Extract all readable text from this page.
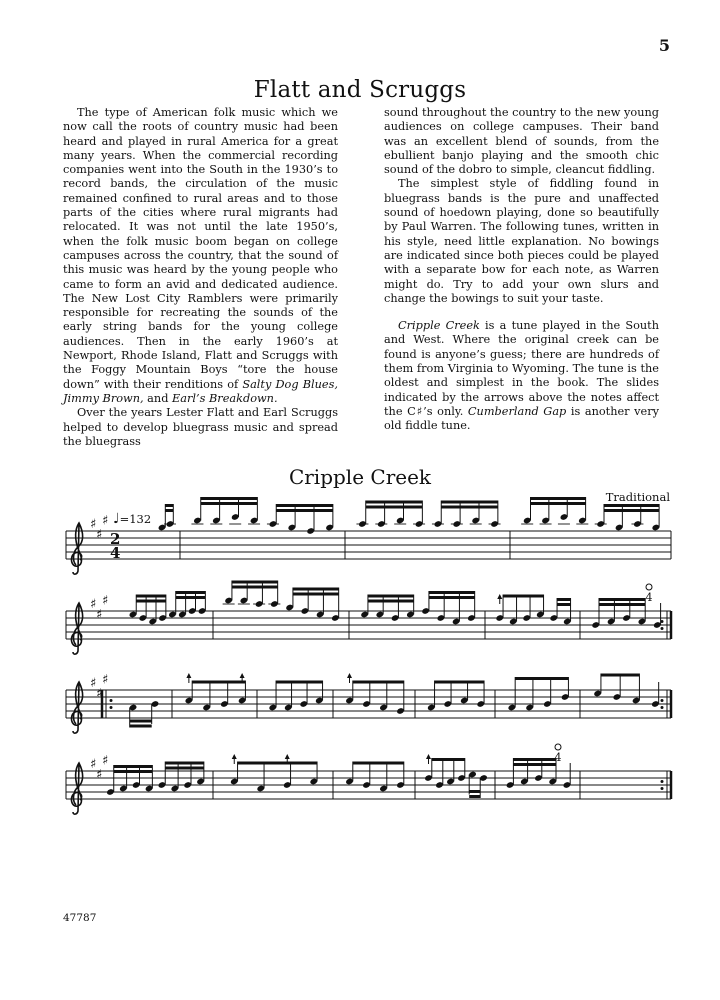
5
Flatt and Scruggs

The type of American folk music which we now call the roots of country music had been heard and played in rural America for a great many years. When the commercial recording companies went into the South in the 1930’s to record bands, the circulation of the music remained confined to rural areas and to those parts of the cities where rural migrants had relocated. It was not until the late 1950’s, when the folk music boom began on college campuses across the country, that the sound of this music was heard by the young people who came to form an avid and dedicated audience. The New Lost City Ramblers were primarily responsible for recreating the sounds of the early string bands for the young college audiences. Then in the early 1960’s at Newport, Rhode Island, Flatt and Scruggs with the Foggy Mountain Boys “tore the house down” with their renditions of Salty Dog Blues, Jimmy Brown, and Earl’s Breakdown.

Over the years Lester Flatt and Earl Scruggs helped to develop bluegrass music and spread the bluegrass

sound throughout the country to the new young audiences on college campuses. Their band was an excellent blend of sounds, from the ebullient banjo playing and the smooth chic sound of the dobro to simple, cleancut fiddling.

The simplest style of fiddling found in bluegrass bands is the pure and unaffected sound of hoedown playing, done so beautifully by Paul Warren. The following tunes, written in his style, need little explanation. No bowings are indicated since both pieces could be played with a separate bow for each note, as Warren might do. Try to add your own slurs and change the bowings to suit your taste.

Cripple Creek is a tune played in the South and West. Where the original creek can be found is anyone’s guess; there are hundreds of them from Virginia to Wyoming. The tune is the oldest and simplest in the book. The slides indicated by the arrows above the notes affect the C♯’s only. Cumberland Gap is another very old fiddle tune.

Cripple Creek
Traditional
♩=132
♯
♯
♯
2
4
♯
♯
♯
♯
♯
♯
♯
♯
♯
4
4
47787
